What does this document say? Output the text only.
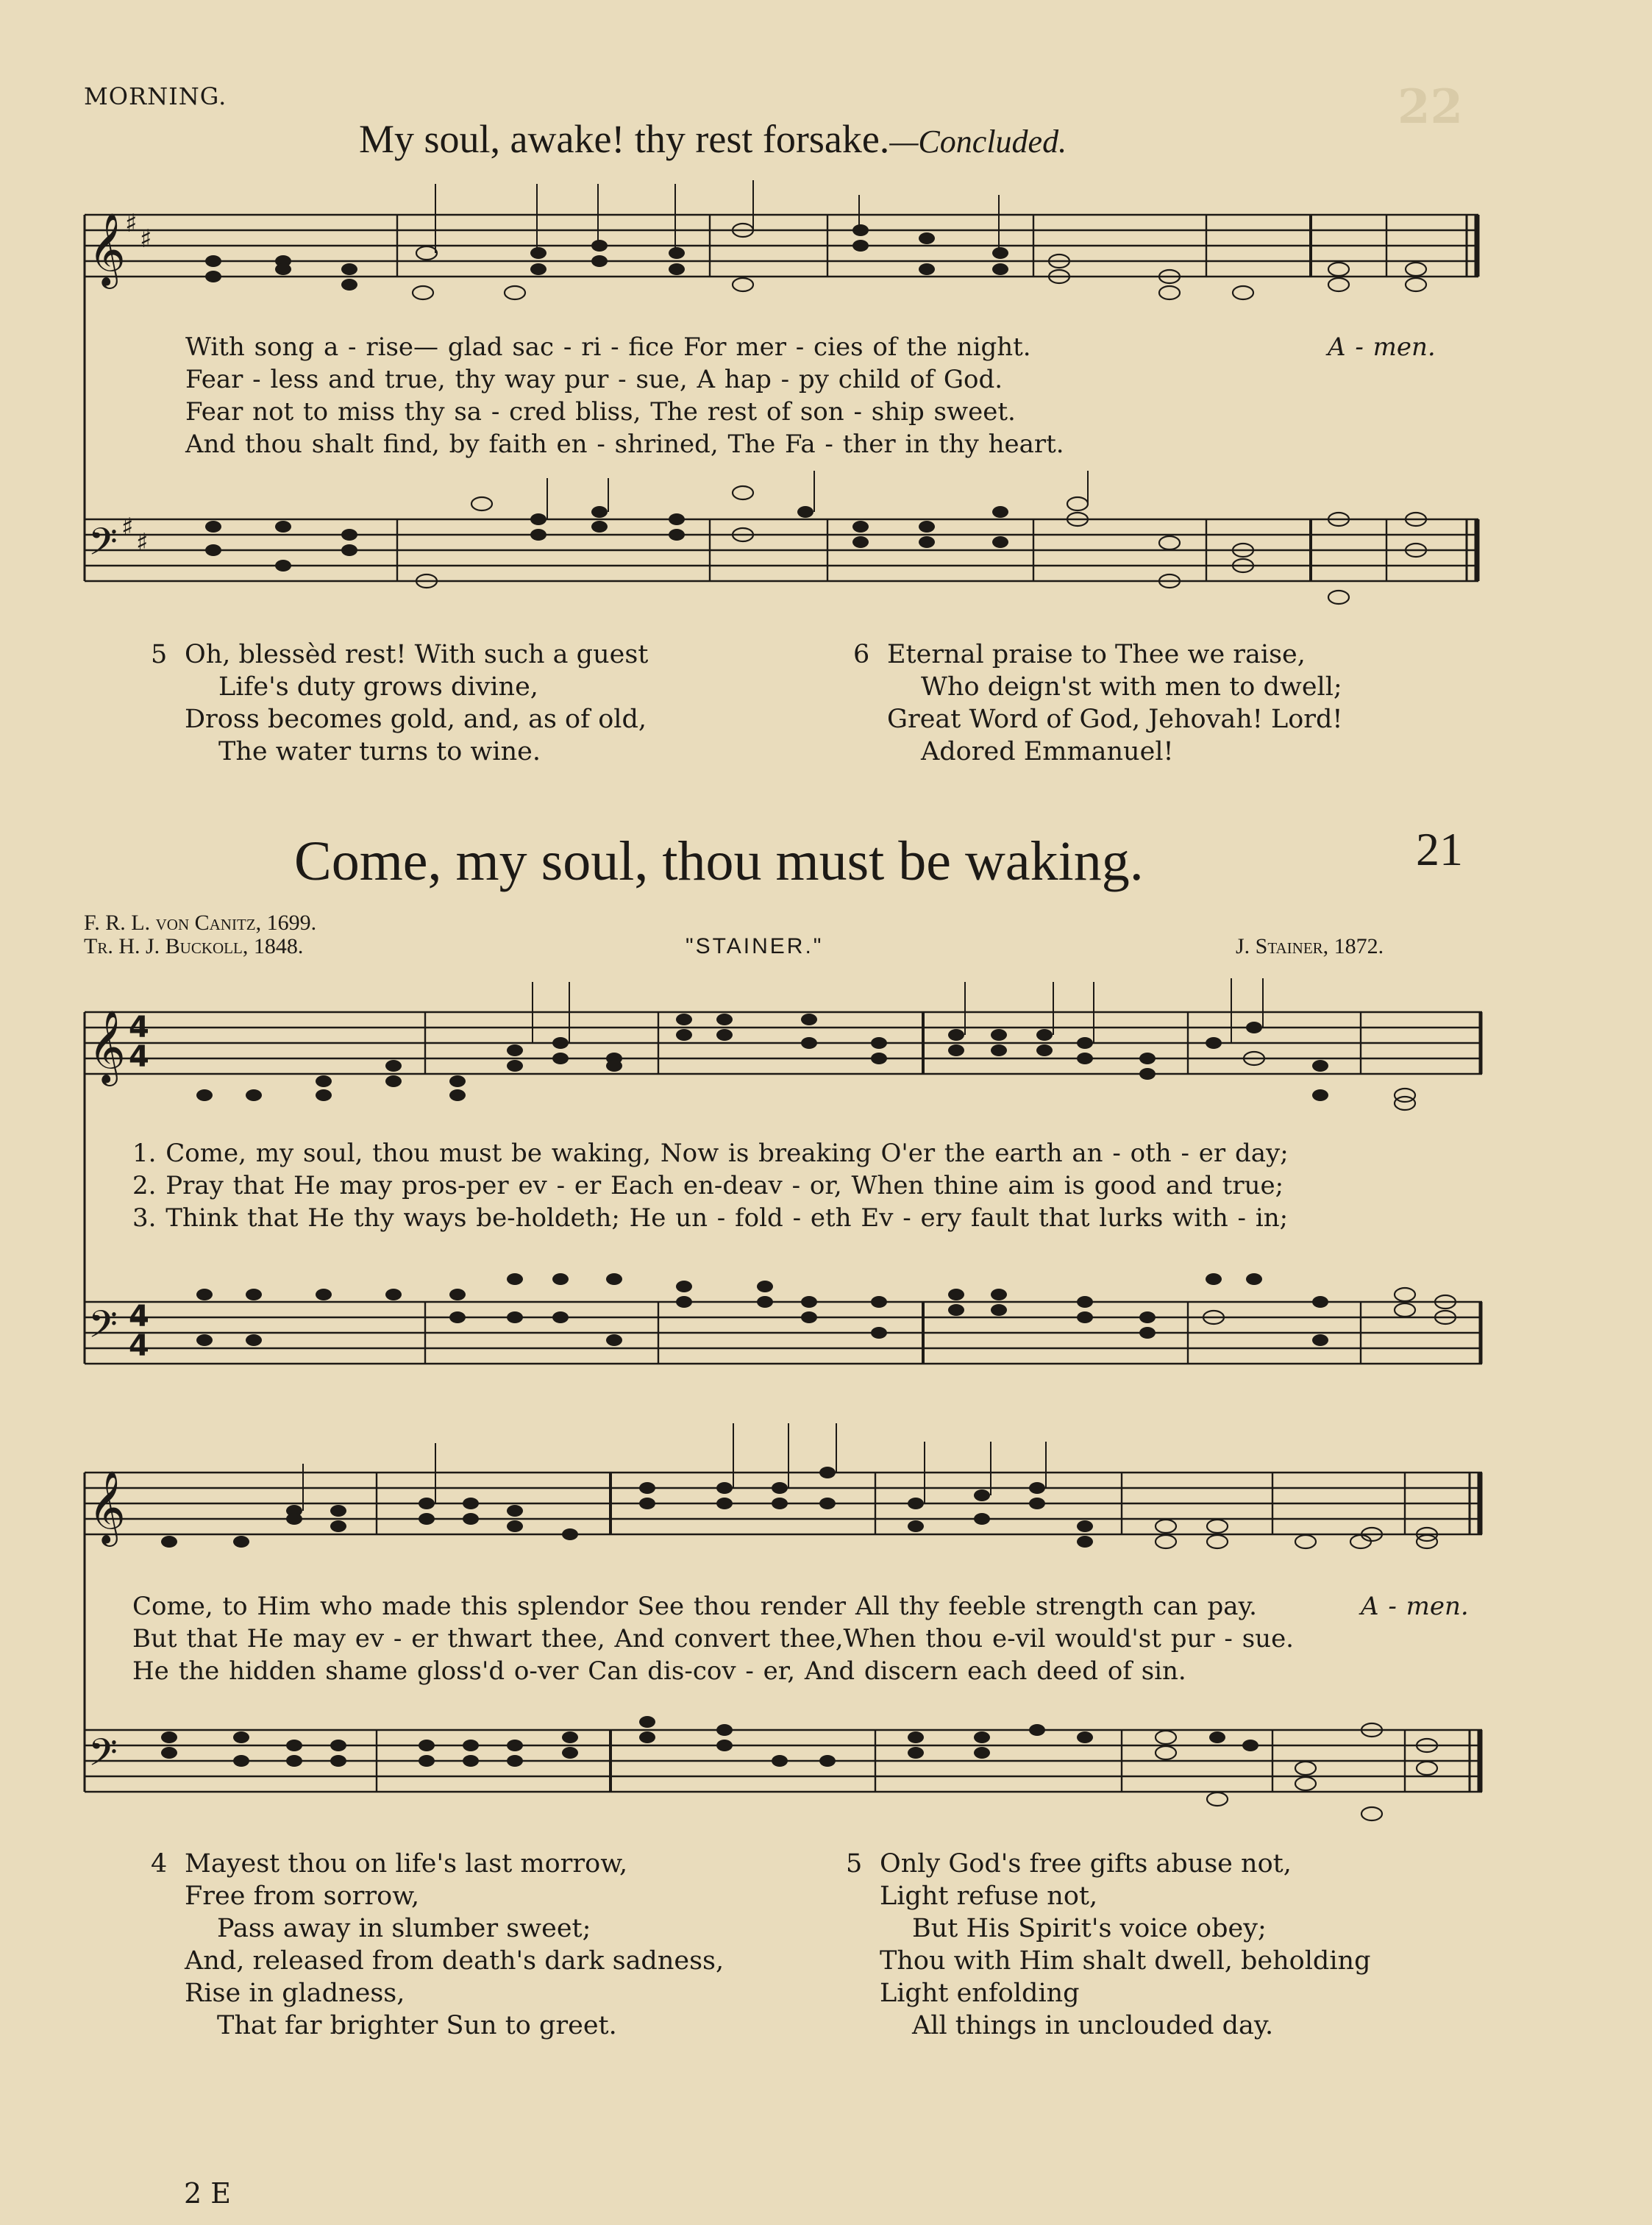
MORNING.	22
My soul, awake! thy rest forsake.—Concluded.
𝄞 ♯
♯
𝄢 ♯
♯
With song a - rise— glad sac - ri - fice For mer - cies of the night.
Fear - less and true, thy way pur - sue, A hap - py child of God.
Fear not to miss thy sa - cred bliss, The rest of son - ship sweet.
And thou shalt find, by faith en - shrined, The Fa - ther in thy heart.
A - men.
5 Oh, blessèd rest! With such a guest
Life's duty grows divine,
Dross becomes gold, and, as of old,
The water turns to wine.
6 Eternal praise to Thee we raise,
Who deign'st with men to dwell;
Great Word of God, Jehovah! Lord!
Adored Emmanuel!
Come, my soul, thou must be waking.	21
F. R. L. von Canitz, 1699.
Tr. H. J. Buckoll, 1848.	"STAINER."	J. Stainer, 1872.
𝄞 4
4
𝄢 4
4
1. Come, my soul, thou must be waking, Now is breaking O'er the earth an - oth - er day;
2. Pray that He may pros-per ev - er Each en-deav - or, When thine aim is good and true;
3. Think that He thy ways be-holdeth; He un - fold - eth Ev - ery fault that lurks with - in;
𝄞
𝄢
Come, to Him who made this splendor See thou render All thy feeble strength can pay.
But that He may ev - er thwart thee, And convert thee,When thou e-vil would'st pur - sue.
He the hidden shame gloss'd o-ver Can dis-cov - er, And discern each deed of sin.
A - men.
4 Mayest thou on life's last morrow,
Free from sorrow,
Pass away in slumber sweet;
And, released from death's dark sadness,
Rise in gladness,
That far brighter Sun to greet.
5 Only God's free gifts abuse not,
Light refuse not,
But His Spirit's voice obey;
Thou with Him shalt dwell, beholding
Light enfolding
All things in unclouded day.
2 E
